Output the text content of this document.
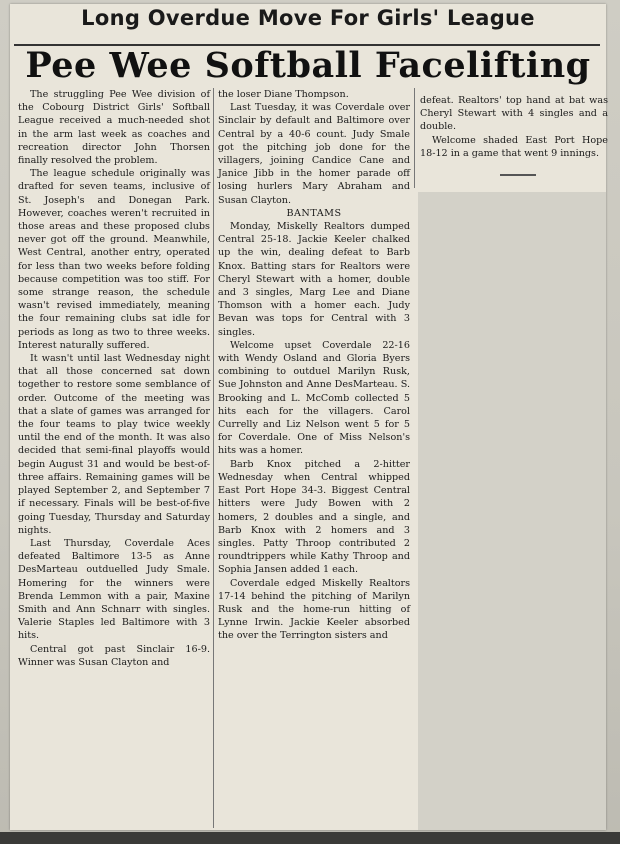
Long Overdue Move For Girls' League
Pee Wee Softball Facelifting

The struggling Pee Wee division of the Cobourg District Girls' Softball League received a much-needed shot in the arm last week as coaches and recreation director John Thorsen finally resolved the problem.

The league schedule originally was drafted for seven teams, inclusive of St. Joseph's and Donegan Park. However, coaches weren't recruited in those areas and these proposed clubs never got off the ground. Meanwhile, West Central, another entry, operated for less than two weeks before folding because competition was too stiff. For some strange reason, the schedule wasn't revised immediately, meaning the four remaining clubs sat idle for periods as long as two to three weeks. Interest naturally suffered.

It wasn't until last Wednesday night that all those concerned sat down together to restore some semblance of order. Outcome of the meeting was that a slate of games was arranged for the four teams to play twice weekly until the end of the month. It was also decided that semi-final playoffs would begin August 31 and would be best-of-three affairs. Remaining games will be played September 2, and September 7 if necessary. Finals will be best-of-five going Tuesday, Thursday and Saturday nights.

Last Thursday, Coverdale Aces defeated Baltimore 13-5 as Anne DesMarteau outduelled Judy Smale. Homering for the winners were Brenda Lemmon with a pair, Maxine Smith and Ann Schnarr with singles. Valerie Staples led Baltimore with 3 hits.

Central got past Sinclair 16-9. Winner was Susan Clayton and

the loser Diane Thompson.

Last Tuesday, it was Coverdale over Sinclair by default and Baltimore over Central by a 40-6 count. Judy Smale got the pitching job done for the villagers, joining Candice Cane and Janice Jibb in the homer parade off losing hurlers Mary Abraham and Susan Clayton.

BANTAMS

Monday, Miskelly Realtors dumped Central 25-18. Jackie Keeler chalked up the win, dealing defeat to Barb Knox. Batting stars for Realtors were Cheryl Stewart with a homer, double and 3 singles, Marg Lee and Diane Thomson with a homer each. Judy Bevan was tops for Central with 3 singles.

Welcome upset Coverdale 22-16 with Wendy Osland and Gloria Byers combining to outduel Marilyn Rusk, Sue Johnston and Anne DesMarteau. S. Brooking and L. McComb collected 5 hits each for the villagers. Carol Currelly and Liz Nelson went 5 for 5 for Coverdale. One of Miss Nelson's hits was a homer.

Barb Knox pitched a 2-hitter Wednesday when Central whipped East Port Hope 34-3. Biggest Central hitters were Judy Bowen with 2 homers, 2 doubles and a single, and Barb Knox with 2 homers and 3 singles. Patty Throop contributed 2 roundtrippers while Kathy Throop and Sophia Jansen added 1 each.

Coverdale edged Miskelly Realtors 17-14 behind the pitching of Marilyn Rusk and the home-run hitting of Lynne Irwin. Jackie Keeler absorbed the over the Terrington sisters and

defeat. Realtors' top hand at bat was Cheryl Stewart with 4 singles and a double.

Welcome shaded East Port Hope 18-12 in a game that went 9 innings.
